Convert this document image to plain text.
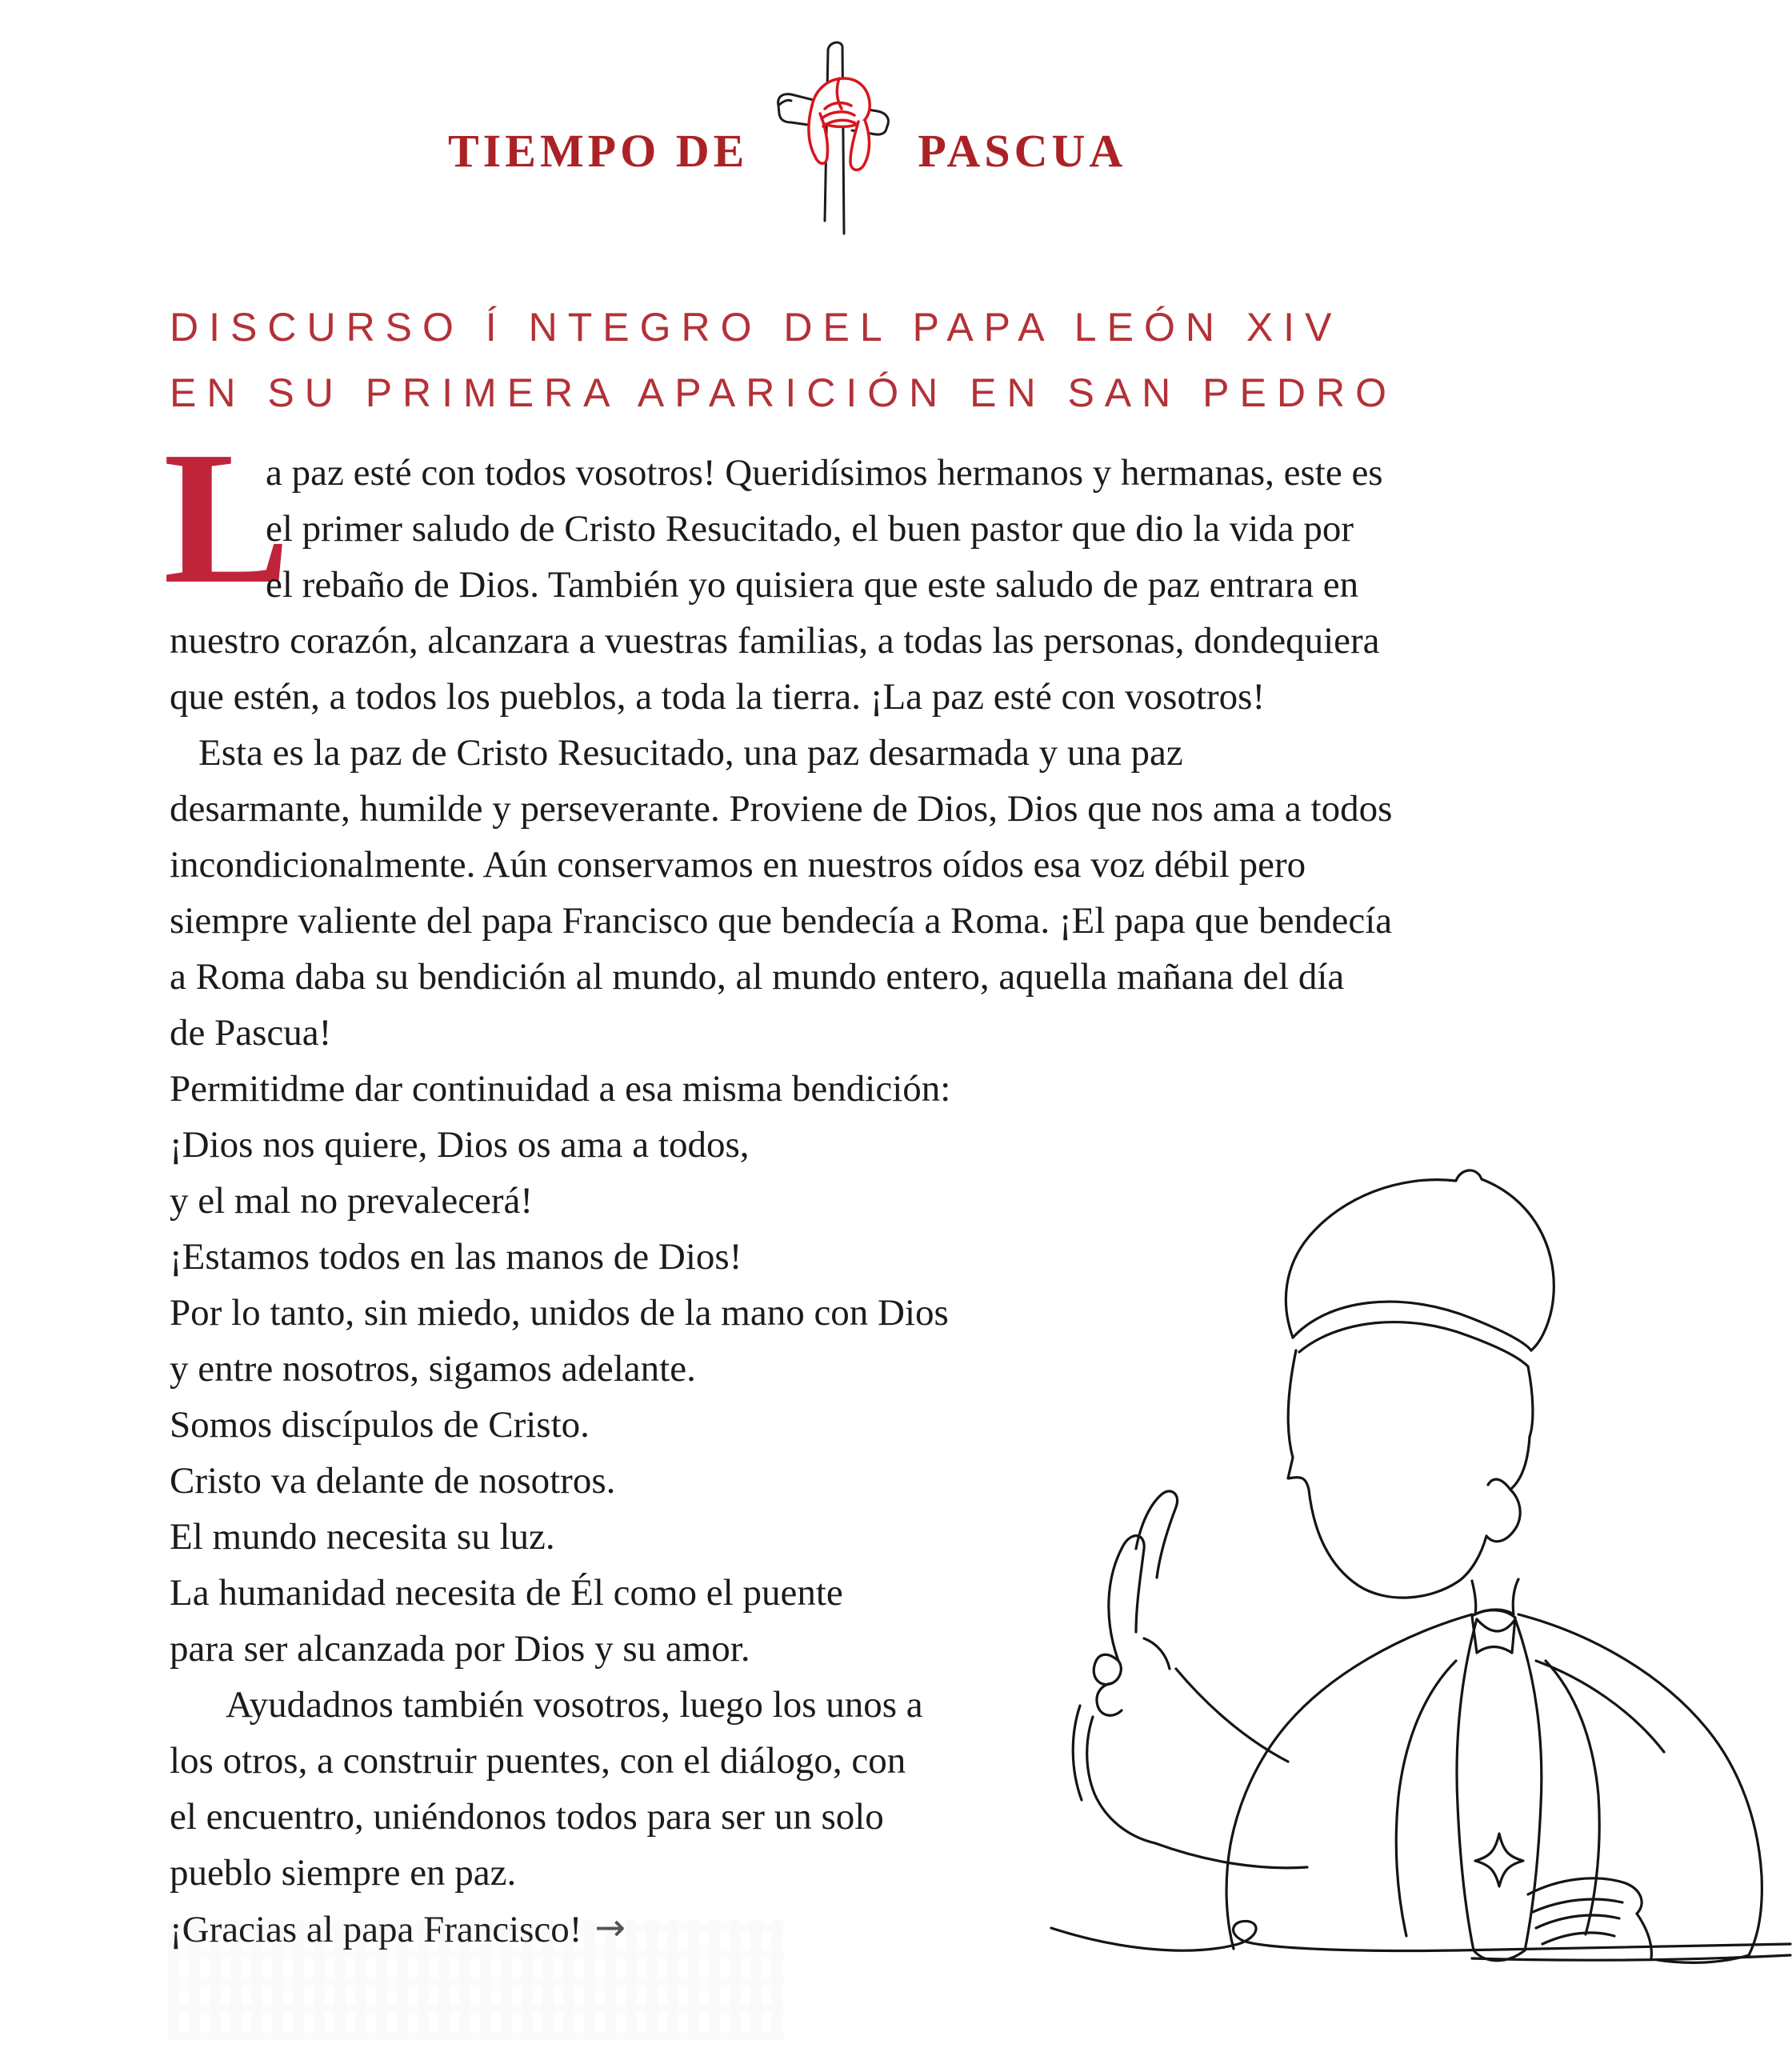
TIEMPO DE	PASCUA
DISCURSO Í NTEGRO DEL PAPA LEÓN XIV
EN SU PRIMERA APARICIÓN EN SAN PEDRO
L
a paz esté con todos vosotros! Queridísimos hermanos y hermanas, este es
el primer saludo de Cristo Resucitado, el buen pastor que dio la vida por
el rebaño de Dios. También yo quisiera que este saludo de paz entrara en
nuestro corazón, alcanzara a vuestras familias, a todas las personas, dondequiera
que estén, a todos los pueblos, a toda la tierra. ¡La paz esté con vosotros!
Esta es la paz de Cristo Resucitado, una paz desarmada y una paz
desarmante, humilde y perseverante. Proviene de Dios, Dios que nos ama a todos
incondicionalmente. Aún conservamos en nuestros oídos esa voz débil pero
siempre valiente del papa Francisco que bendecía a Roma. ¡El papa que bendecía
a Roma daba su bendición al mundo, al mundo entero, aquella mañana del día
de Pascua!
Permitidme dar continuidad a esa misma bendición:
¡Dios nos quiere, Dios os ama a todos,
y el mal no prevalecerá!
¡Estamos todos en las manos de Dios!
Por lo tanto, sin miedo, unidos de la mano con Dios
y entre nosotros, sigamos adelante.
Somos discípulos de Cristo.
Cristo va delante de nosotros.
El mundo necesita su luz.
La humanidad necesita de Él como el puente
para ser alcanzada por Dios y su amor.
Ayudadnos también vosotros, luego los unos a
los otros, a construir puentes, con el diálogo, con
el encuentro, uniéndonos todos para ser un solo
pueblo siempre en paz.
¡Gracias al papa Francisco! →
